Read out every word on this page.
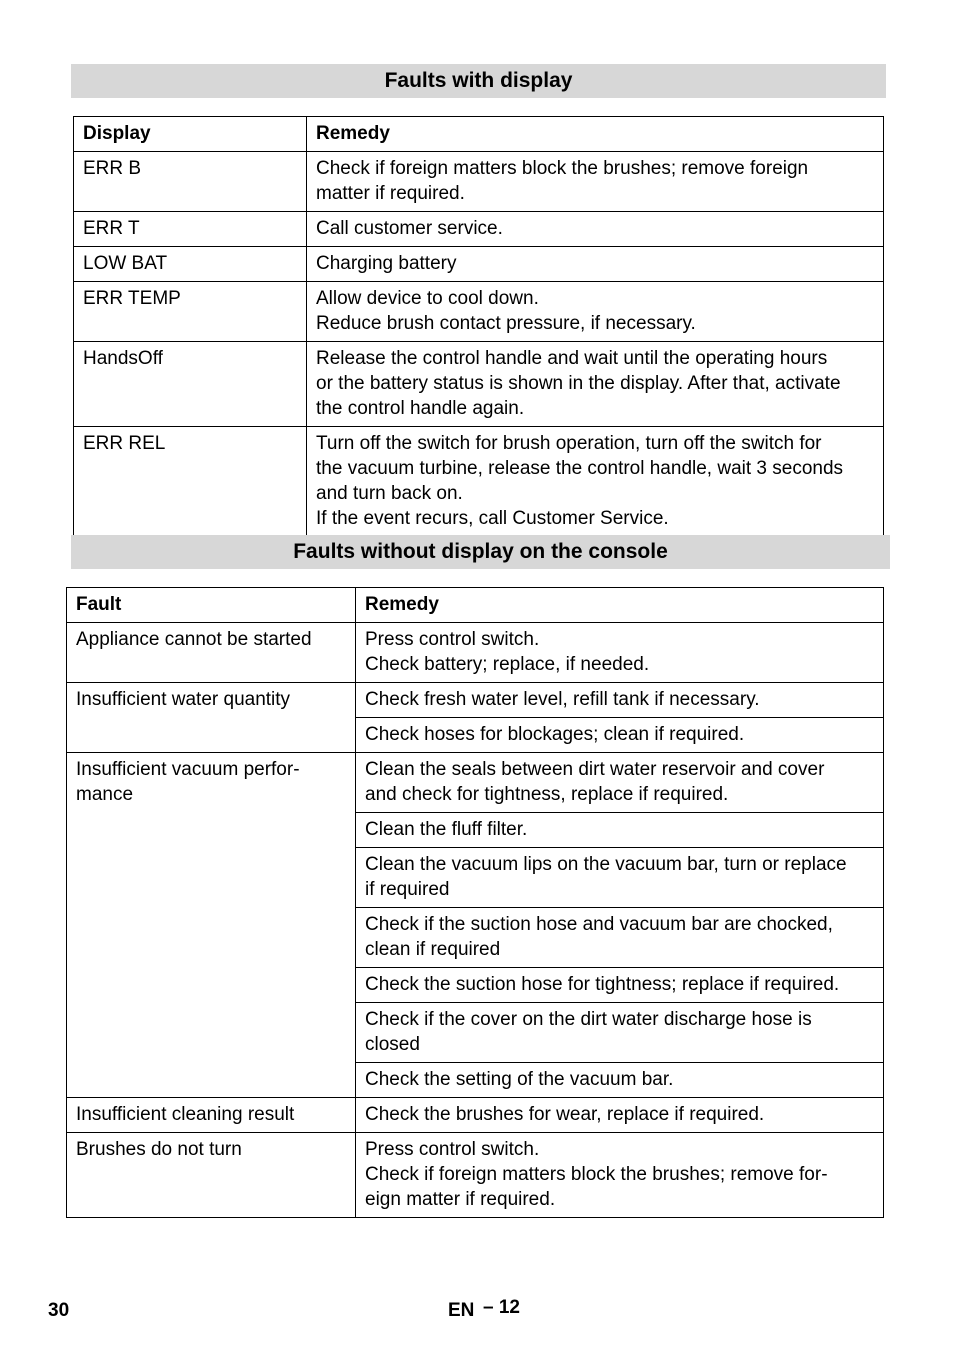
Faults with display
Display	Remedy
ERR B	Check if foreign matters block the brushes; remove foreign
matter if required.

ERR T	Call customer service.

LOW BAT	Charging battery

ERR TEMP	Allow device to cool down.
Reduce brush contact pressure, if necessary.

HandsOff	Release the control handle and wait until the operating hours
or the battery status is shown in the display. After that, activate
the control handle again.

ERR REL	Turn off the switch for brush operation, turn off the switch for
the vacuum turbine, release the control handle, wait 3 seconds
and turn back on.
If the event recurs, call Customer Service.
Faults without display on the console
Fault	Remedy

Appliance cannot be started	Press control switch.
Check battery; replace, if needed.

Insufficient water quantity	Check fresh water level, refill tank if necessary.

	Check hoses for blockages; clean if required.

Insufficient vacuum perfor-
mance	Clean the seals between dirt water reservoir and cover
and check for tightness, replace if required.

	Clean the fluff filter.

	Clean the vacuum lips on the vacuum bar, turn or replace
if required

	Check if the suction hose and vacuum bar are chocked,
clean if required

	Check the suction hose for tightness; replace if required.

	Check if the cover on the dirt water discharge hose is
closed

	Check the setting of the vacuum bar.

Insufficient cleaning result	Check the brushes for wear, replace if required.

Brushes do not turn	Press control switch.
Check if foreign matters block the brushes; remove for-
eign matter if required.
30	EN – 12
